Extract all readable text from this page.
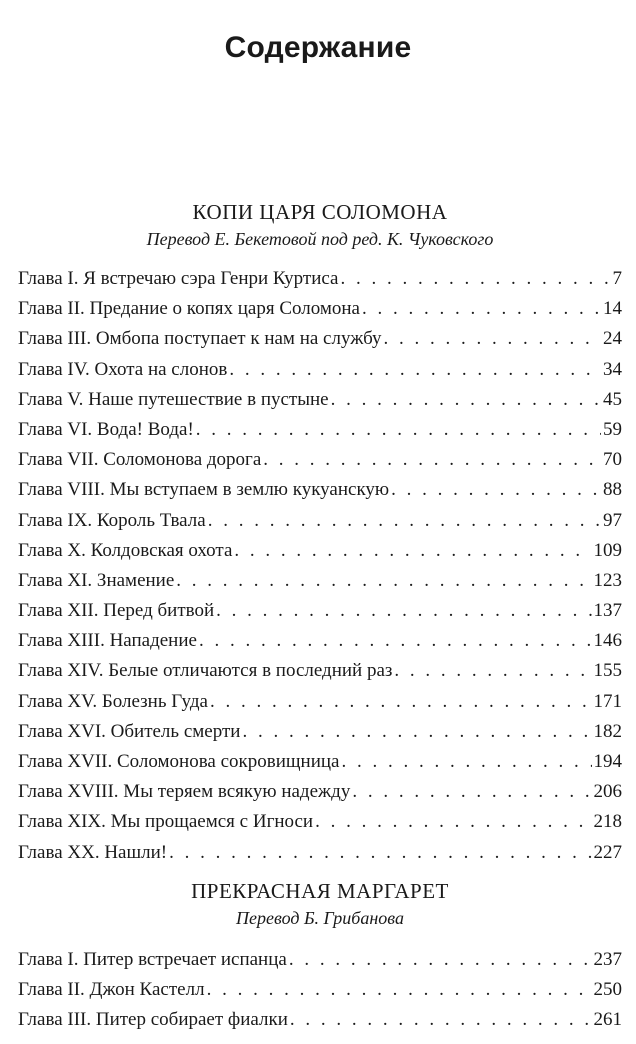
Содержание
КОПИ ЦАРЯ СОЛОМОНА
Перевод Е. Бекетовой под ред. К. Чуковского
Глава I. Я встречаю сэра Генри Куртиса . . .	7
Глава II. Предание о копях царя Соломона . . .	14
Глава III. Омбопа поступает к нам на службу . . .	24
Глава IV. Охота на слонов . . .	34
Глава V. Наше путешествие в пустыне . . .	45
Глава VI. Вода! Вода! . . .	59
Глава VII. Соломонова дорога . . .	70
Глава VIII. Мы вступаем в землю кукуанскую . . .	88
Глава IX. Король Твала . . .	97
Глава X. Колдовская охота . . .	109
Глава XI. Знамение . . .	123
Глава XII. Перед битвой . . .	137
Глава XIII. Нападение . . .	146
Глава XIV. Белые отличаются в последний раз . . .	155
Глава XV. Болезнь Гуда . . .	171
Глава XVI. Обитель смерти . . .	182
Глава XVII. Соломонова сокровищница . . .	194
Глава XVIII. Мы теряем всякую надежду . . .	206
Глава XIX. Мы прощаемся с Игноси . . .	218
Глава XX. Нашли! . . .	227
ПРЕКРАСНАЯ МАРГАРЕТ
Перевод Б. Грибанова
Глава I. Питер встречает испанца . . .	237
Глава II. Джон Кастелл . . .	250
Глава III. Питер собирает фиалки . . .	261
